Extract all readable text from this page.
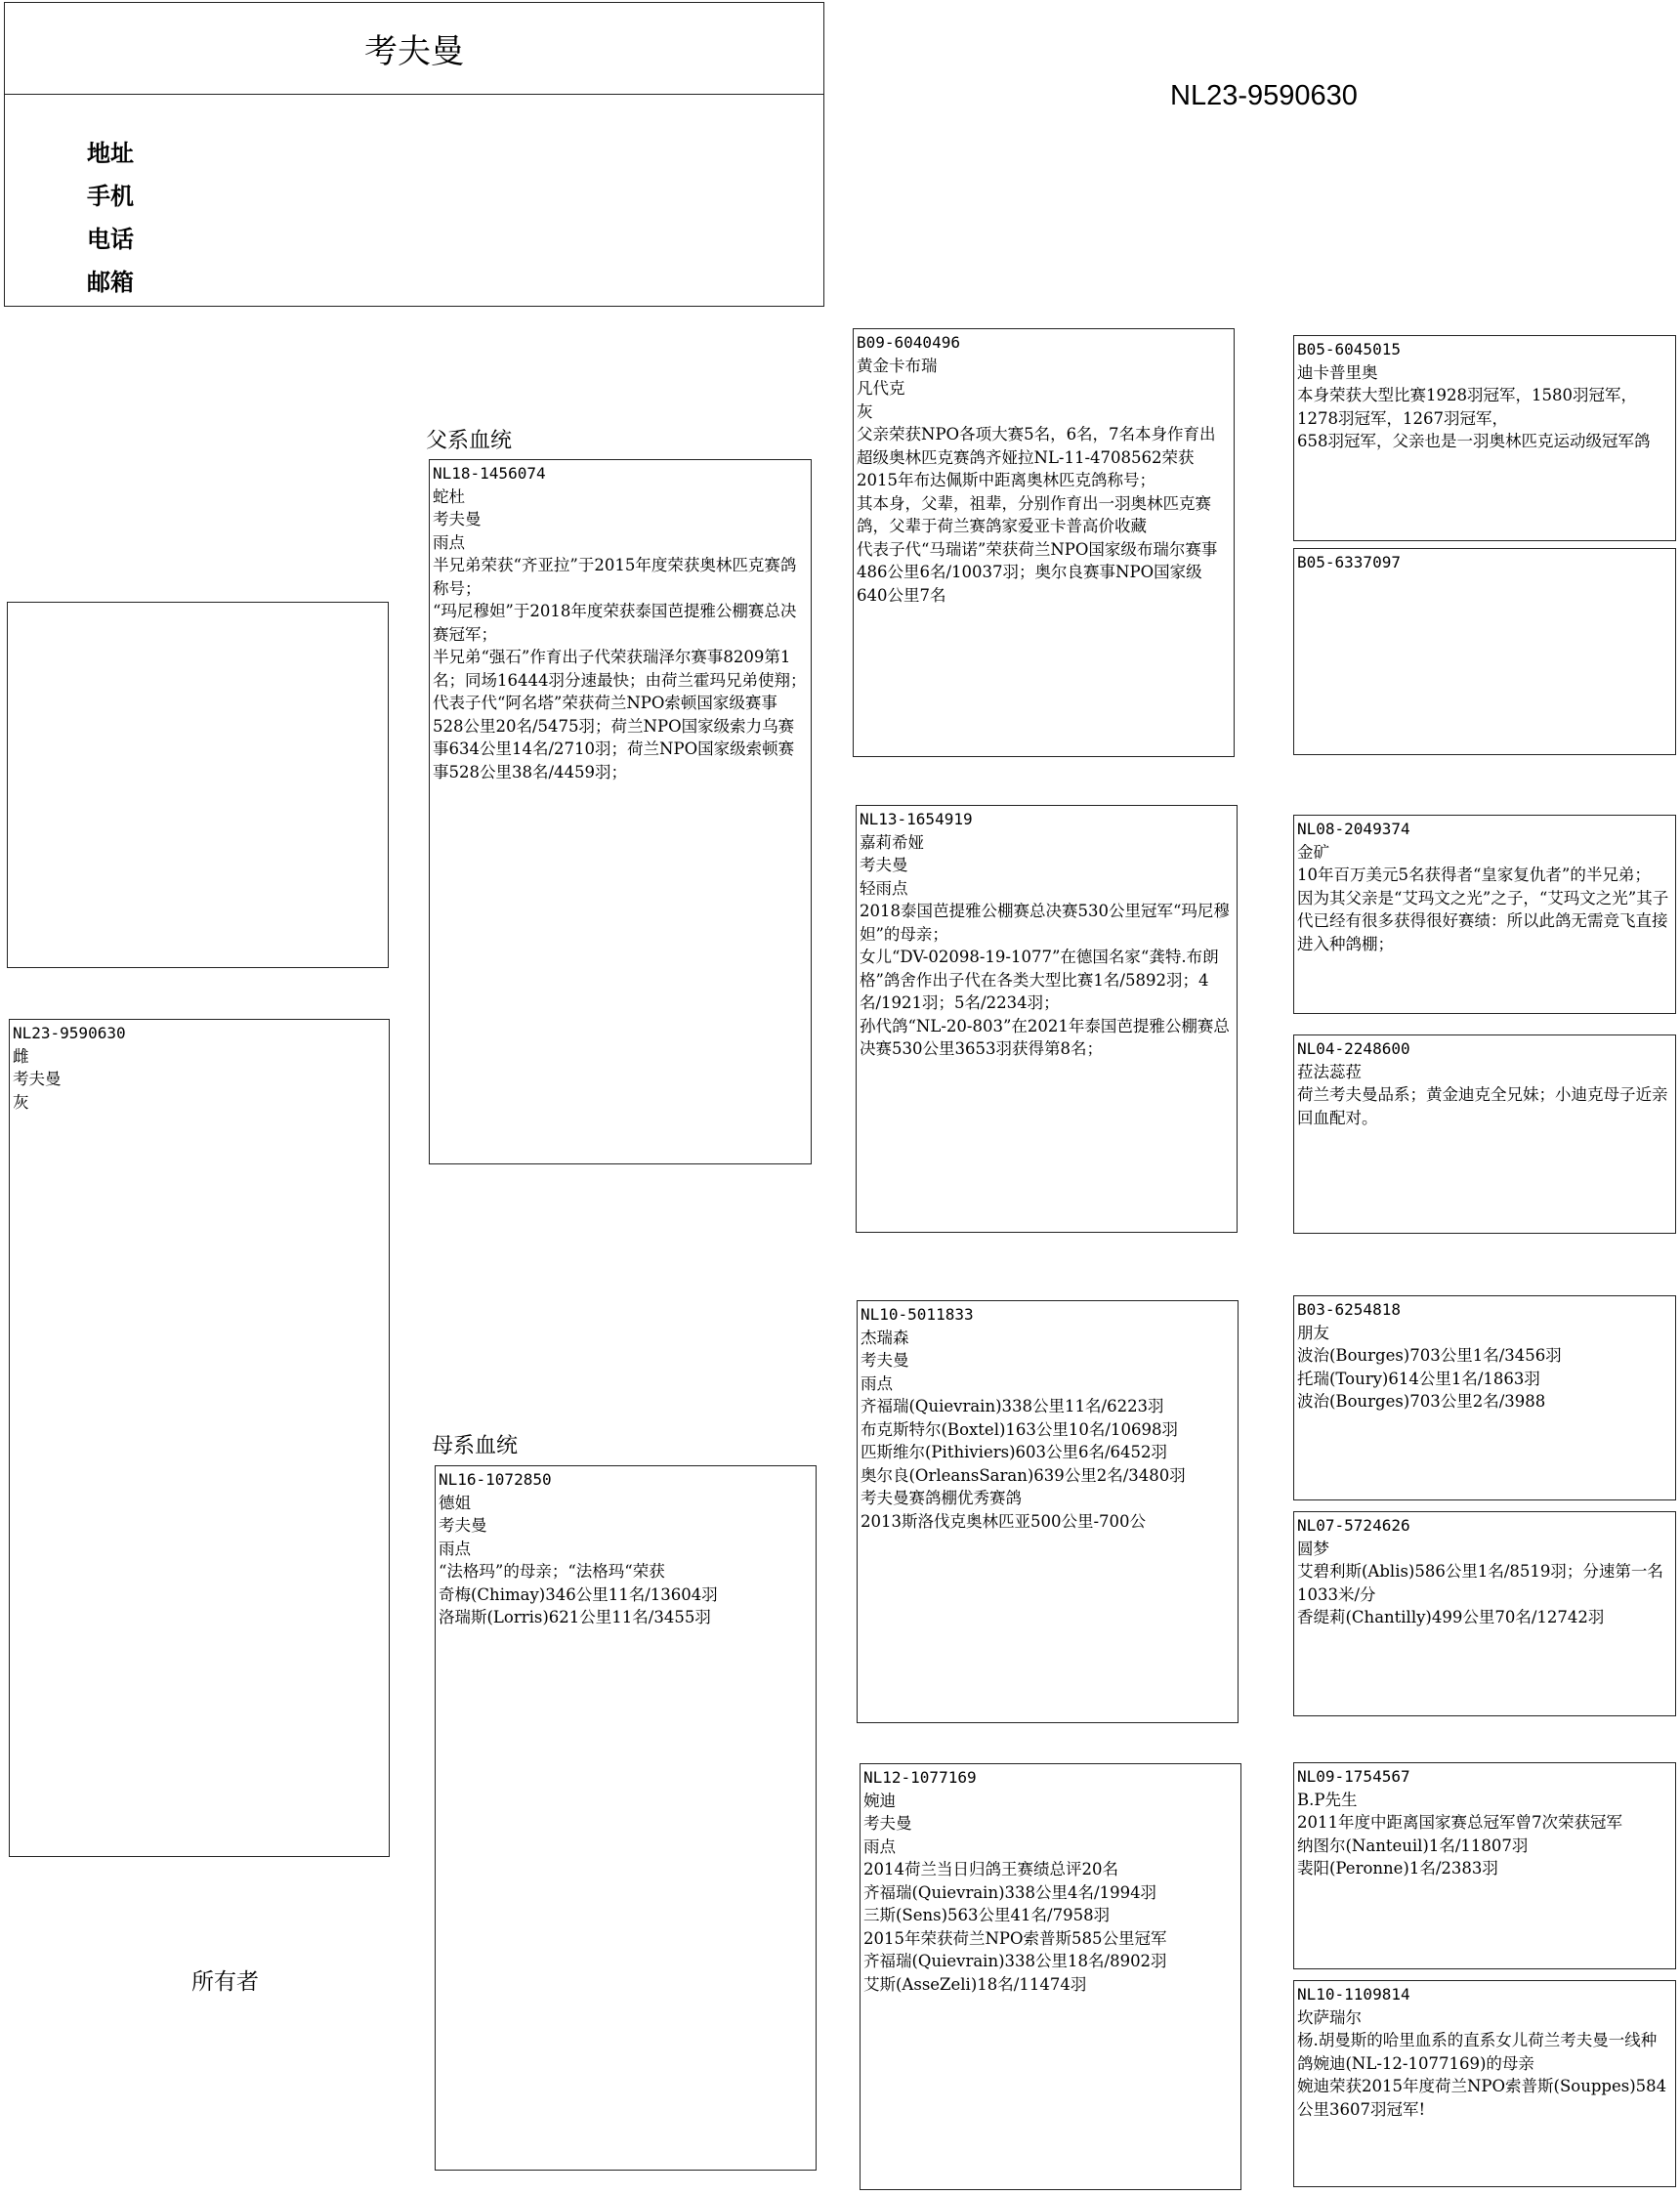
考夫曼
地址
手机
电话
邮箱
NL23-9590630
NL23-9590630
雌
考夫曼
灰
父系血统
母系血统
NL18-1456074
蛇杜
考夫曼
雨点
半兄弟荣获“齐亚拉”于2015年度荣获奥林匹克赛鸽称号；
“玛尼穆妲”于2018年度荣获泰国芭提雅公棚赛总决赛冠军；
半兄弟“强石”作育出子代荣获瑞泽尔赛事8209第1名；同场16444羽分速最快；由荷兰霍玛兄弟使翔；
代表子代“阿名塔”荣获荷兰NPO索顿国家级赛事528公里20名/5475羽；荷兰NPO国家级索力乌赛事634公里14名/2710羽；荷兰NPO国家级索顿赛事528公里38名/4459羽；
NL16-1072850
德姐
考夫曼
雨点
“法格玛”的母亲；“法格玛“荣获
奇梅(Chimay)346公里11名/13604羽
洛瑞斯(Lorris)621公里11名/3455羽
B09-6040496
黄金卡布瑞
凡代克
灰
父亲荣获NPO各项大赛5名，6名，7名本身作育出超级奥林匹克赛鸽齐娅拉NL-11-4708562荣获2015年布达佩斯中距离奥林匹克鸽称号；
其本身，父辈，祖辈，分别作育出一羽奥林匹克赛鸽，父辈于荷兰赛鸽家爱亚卡普高价收藏
代表子代“马瑞诺”荣获荷兰NPO国家级布瑞尔赛事486公里6名/10037羽；奥尔良赛事NPO国家级640公里7名
NL13-1654919
嘉莉希娅
考夫曼
轻雨点
2018泰国芭提雅公棚赛总决赛530公里冠军“玛尼穆妲”的母亲；
女儿“DV-02098-19-1077”在德国名家“龚特.布朗格”鸽舍作出子代在各类大型比赛1名/5892羽；4名/1921羽；5名/2234羽；
孙代鸽“NL-20-803”在2021年泰国芭提雅公棚赛总决赛530公里3653羽获得第8名；
NL10-5011833
杰瑞森
考夫曼
雨点
齐福瑞(Quievrain)338公里11名/6223羽
布克斯特尔(Boxtel)163公里10名/10698羽
匹斯维尔(Pithiviers)603公里6名/6452羽
奥尔良(OrleansSaran)639公里2名/3480羽
考夫曼赛鸽棚优秀赛鸽
2013斯洛伐克奥林匹亚500公里-700公
NL12-1077169
婉迪
考夫曼
雨点
2014荷兰当日归鸽王赛绩总评20名
齐福瑞(Quievrain)338公里4名/1994羽
三斯(Sens)563公里41名/7958羽
2015年荣获荷兰NPO索普斯585公里冠军
齐福瑞(Quievrain)338公里18名/8902羽
艾斯(AsseZeli)18名/11474羽
B05-6045015
迪卡普里奥
本身荣获大型比赛1928羽冠军，1580羽冠军，1278羽冠军，1267羽冠军，
658羽冠军，父亲也是一羽奥林匹克运动级冠军鸽
B05-6337097
NL08-2049374
金矿
10年百万美元5名获得者“皇家复仇者”的半兄弟；
因为其父亲是“艾玛文之光”之子，“艾玛文之光”其子代已经有很多获得很好赛绩：所以此鸽无需竞飞直接进入种鸽棚；
NL04-2248600
菈法蕊菈
荷兰考夫曼品系；黄金迪克全兄妹；小迪克母子近亲回血配对。
B03-6254818
朋友
波治(Bourges)703公里1名/3456羽
托瑞(Toury)614公里1名/1863羽
波治(Bourges)703公里2名/3988
NL07-5724626
圆梦
艾碧利斯(Ablis)586公里1名/8519羽；分速第一名1033米/分
香缇莉(Chantilly)499公里70名/12742羽
NL09-1754567
B.P先生
2011年度中距离国家赛总冠军曾7次荣获冠军
纳图尔(Nanteuil)1名/11807羽
裴阳(Peronne)1名/2383羽
NL10-1109814
坎萨瑞尔
杨.胡曼斯的哈里血系的直系女儿荷兰考夫曼一线种鸽婉迪(NL-12-1077169)的母亲
婉迪荣获2015年度荷兰NPO索普斯(Souppes)584公里3607羽冠军!
所有者
